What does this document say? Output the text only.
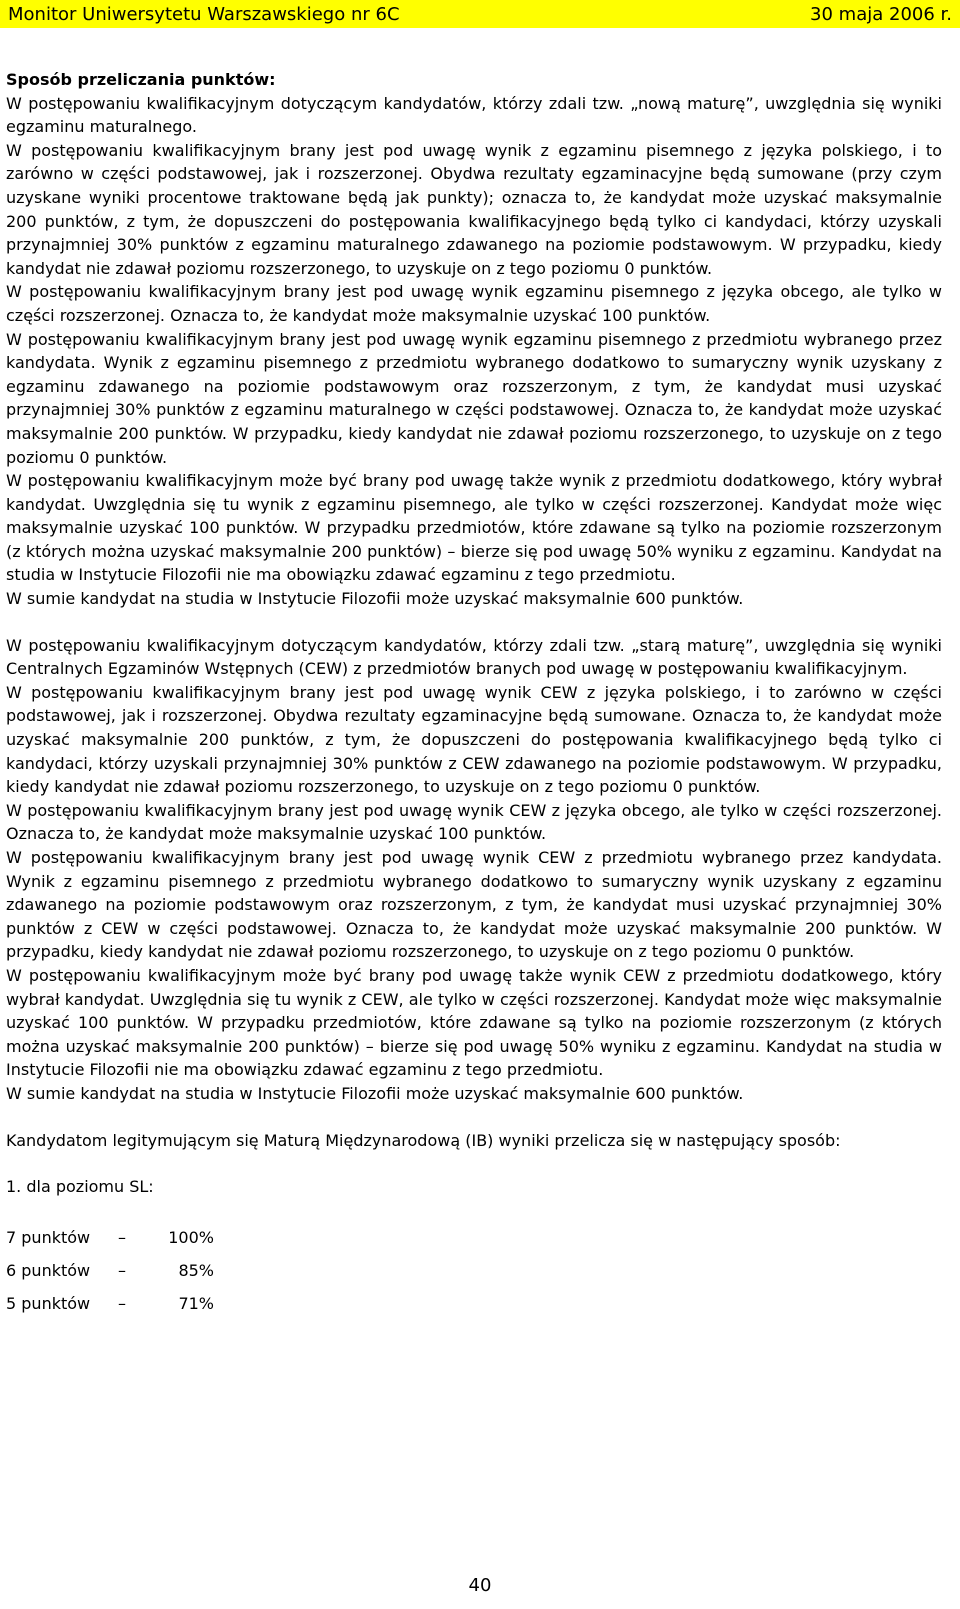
Monitor Uniwersytetu Warszawskiego nr 6C	30 maja 2006 r.

Sposób przeliczania punktów:

W postępowaniu kwalifikacyjnym dotyczącym kandydatów, którzy zdali tzw. „nową maturę”, uwzględnia się wyniki egzaminu maturalnego.

W postępowaniu kwalifikacyjnym brany jest pod uwagę wynik z egzaminu pisemnego z języka polskiego, i to zarówno w części podstawowej, jak i rozszerzonej. Obydwa rezultaty egzaminacyjne będą sumowane (przy czym uzyskane wyniki procentowe traktowane będą jak punkty); oznacza to, że kandydat może uzyskać maksymalnie 200 punktów, z tym, że dopuszczeni do postępowania kwalifikacyjnego będą tylko ci kandydaci, którzy uzyskali przynajmniej 30% punktów z egzaminu maturalnego zdawanego na poziomie podstawowym. W przypadku, kiedy kandydat nie zdawał poziomu rozszerzonego, to uzyskuje on z tego poziomu 0 punktów.

W postępowaniu kwalifikacyjnym brany jest pod uwagę wynik egzaminu pisemnego z języka obcego, ale tylko w części rozszerzonej. Oznacza to, że kandydat może maksymalnie uzyskać 100 punktów.

W postępowaniu kwalifikacyjnym brany jest pod uwagę wynik egzaminu pisemnego z przedmiotu wybranego przez kandydata. Wynik z egzaminu pisemnego z przedmiotu wybranego dodatkowo to sumaryczny wynik uzyskany z egzaminu zdawanego na poziomie podstawowym oraz rozszerzonym, z tym, że kandydat musi uzyskać przynajmniej 30% punktów z egzaminu maturalnego w części podstawowej. Oznacza to, że kandydat może uzyskać maksymalnie 200 punktów. W przypadku, kiedy kandydat nie zdawał poziomu rozszerzonego, to uzyskuje on z tego poziomu 0 punktów.

W postępowaniu kwalifikacyjnym może być brany pod uwagę także wynik z przedmiotu dodatkowego, który wybrał kandydat. Uwzględnia się tu wynik z egzaminu pisemnego, ale tylko w części rozszerzonej. Kandydat może więc maksymalnie uzyskać 100 punktów. W przypadku przedmiotów, które zdawane są tylko na poziomie rozszerzonym (z których można uzyskać maksymalnie 200 punktów) – bierze się pod uwagę 50% wyniku z egzaminu. Kandydat na studia w Instytucie Filozofii nie ma obowiązku zdawać egzaminu z tego przedmiotu.

W sumie kandydat na studia w Instytucie Filozofii może uzyskać maksymalnie 600 punktów.

W postępowaniu kwalifikacyjnym dotyczącym kandydatów, którzy zdali tzw. „starą maturę”, uwzględnia się wyniki Centralnych Egzaminów Wstępnych (CEW) z przedmiotów branych pod uwagę w postępowaniu kwalifikacyjnym.

W postępowaniu kwalifikacyjnym brany jest pod uwagę wynik CEW z języka polskiego, i to zarówno w części podstawowej, jak i rozszerzonej. Obydwa rezultaty egzaminacyjne będą sumowane. Oznacza to, że kandydat może uzyskać maksymalnie 200 punktów, z tym, że dopuszczeni do postępowania kwalifikacyjnego będą tylko ci kandydaci, którzy uzyskali przynajmniej 30% punktów z CEW zdawanego na poziomie podstawowym. W przypadku, kiedy kandydat nie zdawał poziomu rozszerzonego, to uzyskuje on z tego poziomu 0 punktów.

W postępowaniu kwalifikacyjnym brany jest pod uwagę wynik CEW z języka obcego, ale tylko w części rozszerzonej. Oznacza to, że kandydat może maksymalnie uzyskać 100 punktów.

W postępowaniu kwalifikacyjnym brany jest pod uwagę wynik CEW z przedmiotu wybranego przez kandydata. Wynik z egzaminu pisemnego z przedmiotu wybranego dodatkowo to sumaryczny wynik uzyskany z egzaminu zdawanego na poziomie podstawowym oraz rozszerzonym, z tym, że kandydat musi uzyskać przynajmniej 30% punktów z CEW w części podstawowej. Oznacza to, że kandydat może uzyskać maksymalnie 200 punktów. W przypadku, kiedy kandydat nie zdawał poziomu rozszerzonego, to uzyskuje on z tego poziomu 0 punktów.

W postępowaniu kwalifikacyjnym może być brany pod uwagę także wynik CEW z przedmiotu dodatkowego, który wybrał kandydat. Uwzględnia się tu wynik z CEW, ale tylko w części rozszerzonej. Kandydat może więc maksymalnie uzyskać 100 punktów. W przypadku przedmiotów, które zdawane są tylko na poziomie rozszerzonym (z których można uzyskać maksymalnie 200 punktów) – bierze się pod uwagę 50% wyniku z egzaminu. Kandydat na studia w Instytucie Filozofii nie ma obowiązku zdawać egzaminu z tego przedmiotu.

W sumie kandydat na studia w Instytucie Filozofii może uzyskać maksymalnie 600 punktów.

Kandydatom legitymującym się Maturą Międzynarodową (IB) wyniki przelicza się w następujący sposób:

1. dla poziomu SL:

7 punktów	–	100%
6 punktów	–	85%
5 punktów	–	71%
40
